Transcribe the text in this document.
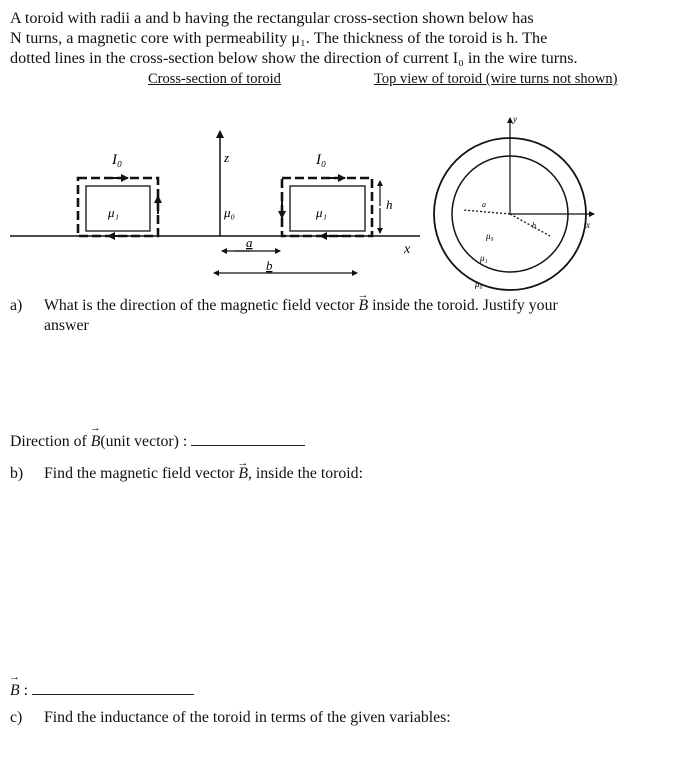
A toroid with radii a and b having the rectangular cross-section shown below has

N turns, a magnetic core with permeability μ₁. The thickness of the toroid is h. The

dotted lines in the cross-section below show the direction of current I₀ in the wire turns.

Cross-section of toroid	Top view of toroid (wire turns not shown)
I₀
μ₁
z
μ₀
I₀
μ₁
h
x
a
b
y
x
a
b
μ₀
μ₁
μ₀
a) What is the direction of the magnetic field vector → B inside the toroid. Justify your
answer
Direction of → B(unit vector) :
b) Find the magnetic field vector → B, inside the toroid:
→ B :
c) Find the inductance of the toroid in terms of the given variables:
